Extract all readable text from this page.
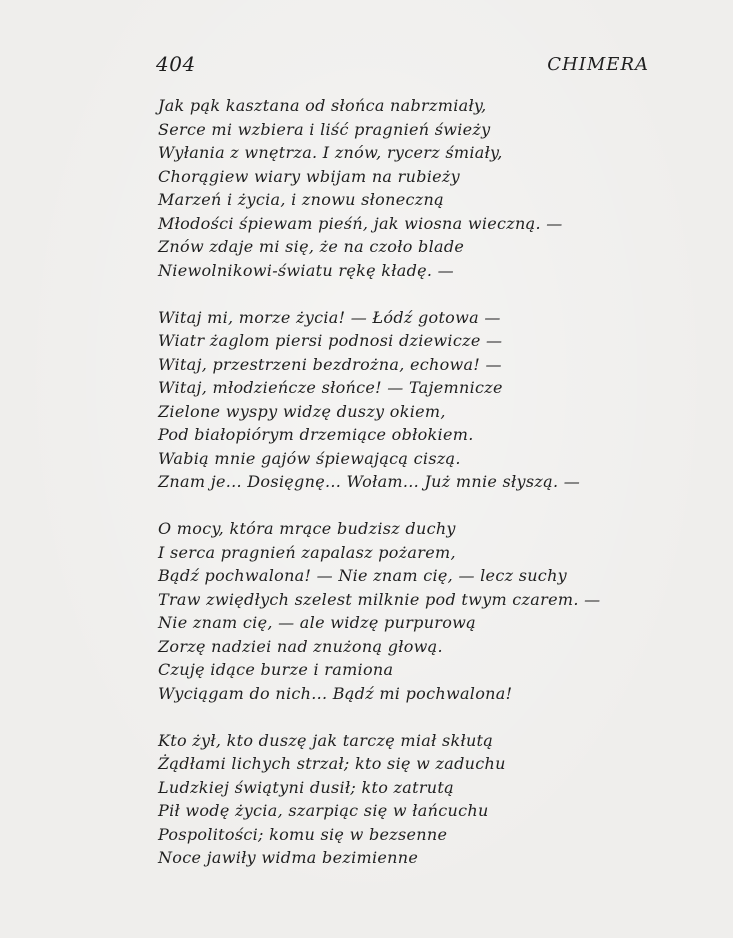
404	CHIMERA
Jak pąk kasztana od słońca nabrzmiały,
Serce mi wzbiera i liść pragnień świeży
Wyłania z wnętrza. I znów, rycerz śmiały,
Chorągiew wiary wbijam na rubieży
Marzeń i życia, i znowu słoneczną
Młodości śpiewam pieśń, jak wiosna wieczną. —
Znów zdaje mi się, że na czoło blade
Niewolnikowi-światu rękę kładę. —
Witaj mi, morze życia! — Łódź gotowa —
Wiatr żaglom piersi podnosi dziewicze —
Witaj, przestrzeni bezdrożna, echowa! —
Witaj, młodzieńcze słońce! — Tajemnicze
Zielone wyspy widzę duszy okiem,
Pod białopiórym drzemiące obłokiem.
Wabią mnie gajów śpiewającą ciszą.
Znam je... Dosięgnę... Wołam... Już mnie słyszą. —
O mocy, która mrące budzisz duchy
I serca pragnień zapalasz pożarem,
Bądź pochwalona! — Nie znam cię, — lecz suchy
Traw zwiędłych szelest milknie pod twym czarem. —
Nie znam cię, — ale widzę purpurową
Zorzę nadziei nad znużoną głową.
Czuję idące burze i ramiona
Wyciągam do nich... Bądź mi pochwalona!
Kto żył, kto duszę jak tarczę miał skłutą
Żądłami lichych strzał; kto się w zaduchu
Ludzkiej świątyni dusił; kto zatrutą
Pił wodę życia, szarpiąc się w łańcuchu
Pospolitości; komu się w bezsenne
Noce jawiły widma bezimienne
